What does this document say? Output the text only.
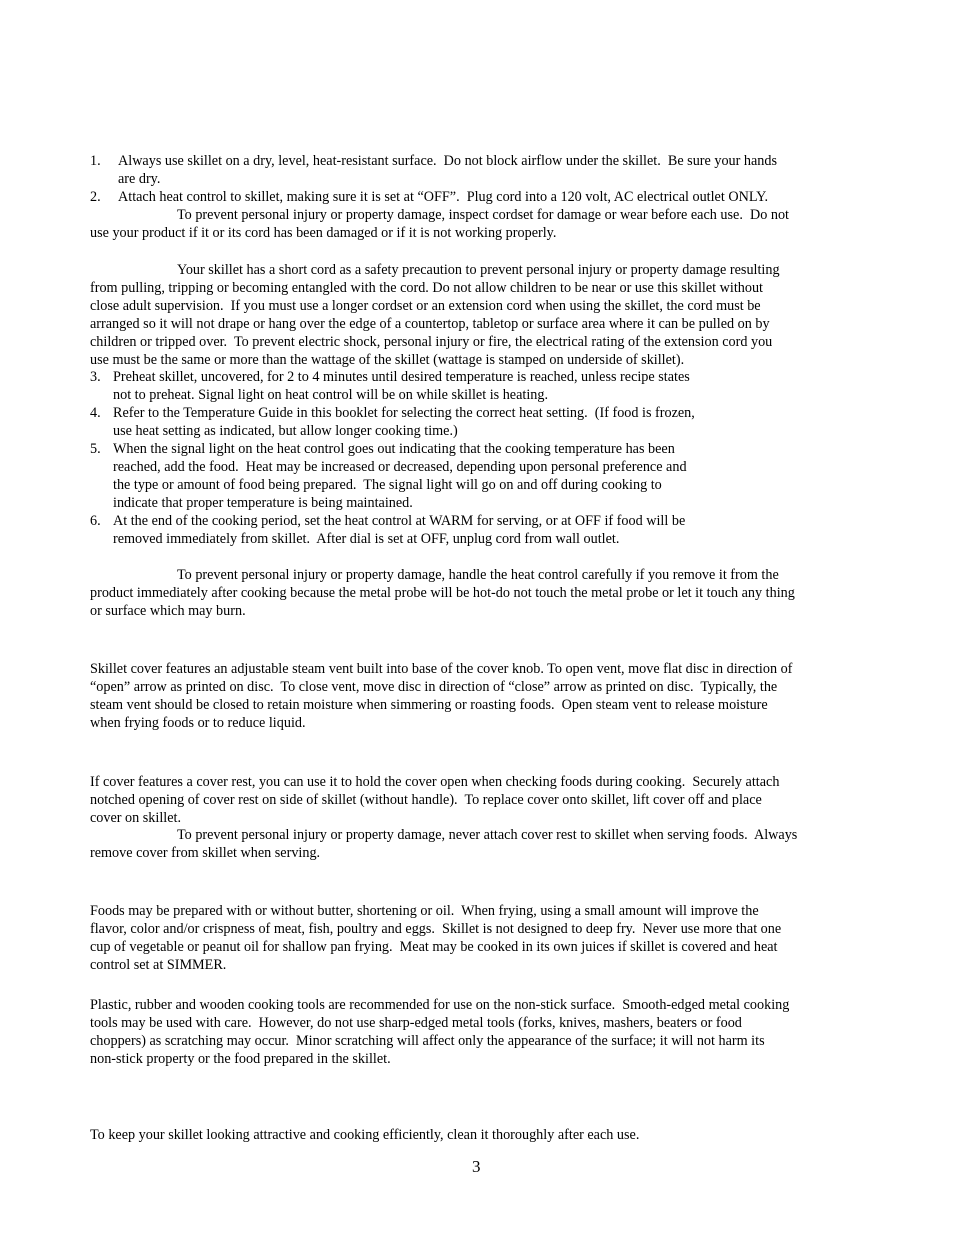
1. Always use skillet on a dry, level, heat-resistant surface.  Do not block airflow under the skillet.  Be sure your hands
are dry.
2. Attach heat control to skillet, making sure it is set at “OFF”.  Plug cord into a 120 volt, AC electrical outlet ONLY.
To prevent personal injury or property damage, inspect cordset for damage or wear before each use.  Do not
use your product if it or its cord has been damaged or if it is not working properly.
Your skillet has a short cord as a safety precaution to prevent personal injury or property damage resulting
from pulling, tripping or becoming entangled with the cord. Do not allow children to be near or use this skillet without
close adult supervision.  If you must use a longer cordset or an extension cord when using the skillet, the cord must be
arranged so it will not drape or hang over the edge of a countertop, tabletop or surface area where it can be pulled on by
children or tripped over.  To prevent electric shock, personal injury or fire, the electrical rating of the extension cord you
use must be the same or more than the wattage of the skillet (wattage is stamped on underside of skillet).
3. Preheat skillet, uncovered, for 2 to 4 minutes until desired temperature is reached, unless recipe states
not to preheat. Signal light on heat control will be on while skillet is heating.
4. Refer to the Temperature Guide in this booklet for selecting the correct heat setting.  (If food is frozen,
use heat setting as indicated, but allow longer cooking time.)
5. When the signal light on the heat control goes out indicating that the cooking temperature has been
reached, add the food.  Heat may be increased or decreased, depending upon personal preference and
the type or amount of food being prepared.  The signal light will go on and off during cooking to
indicate that proper temperature is being maintained.
6. At the end of the cooking period, set the heat control at WARM for serving, or at OFF if food will be
removed immediately from skillet.  After dial is set at OFF, unplug cord from wall outlet.
To prevent personal injury or property damage, handle the heat control carefully if you remove it from the
product immediately after cooking because the metal probe will be hot-do not touch the metal probe or let it touch any thing
or surface which may burn.
Skillet cover features an adjustable steam vent built into base of the cover knob. To open vent, move flat disc in direction of
“open” arrow as printed on disc.  To close vent, move disc in direction of “close” arrow as printed on disc.  Typically, the
steam vent should be closed to retain moisture when simmering or roasting foods.  Open steam vent to release moisture
when frying foods or to reduce liquid.
If cover features a cover rest, you can use it to hold the cover open when checking foods during cooking.  Securely attach
notched opening of cover rest on side of skillet (without handle).  To replace cover onto skillet, lift cover off and place
cover on skillet.
To prevent personal injury or property damage, never attach cover rest to skillet when serving foods.  Always
remove cover from skillet when serving.
Foods may be prepared with or without butter, shortening or oil.  When frying, using a small amount will improve the
flavor, color and/or crispness of meat, fish, poultry and eggs.  Skillet is not designed to deep fry.  Never use more that one
cup of vegetable or peanut oil for shallow pan frying.  Meat may be cooked in its own juices if skillet is covered and heat
control set at SIMMER.
Plastic, rubber and wooden cooking tools are recommended for use on the non-stick surface.  Smooth-edged metal cooking
tools may be used with care.  However, do not use sharp-edged metal tools (forks, knives, mashers, beaters or food
choppers) as scratching may occur.  Minor scratching will affect only the appearance of the surface; it will not harm its
non-stick property or the food prepared in the skillet.
To keep your skillet looking attractive and cooking efficiently, clean it thoroughly after each use.
3
